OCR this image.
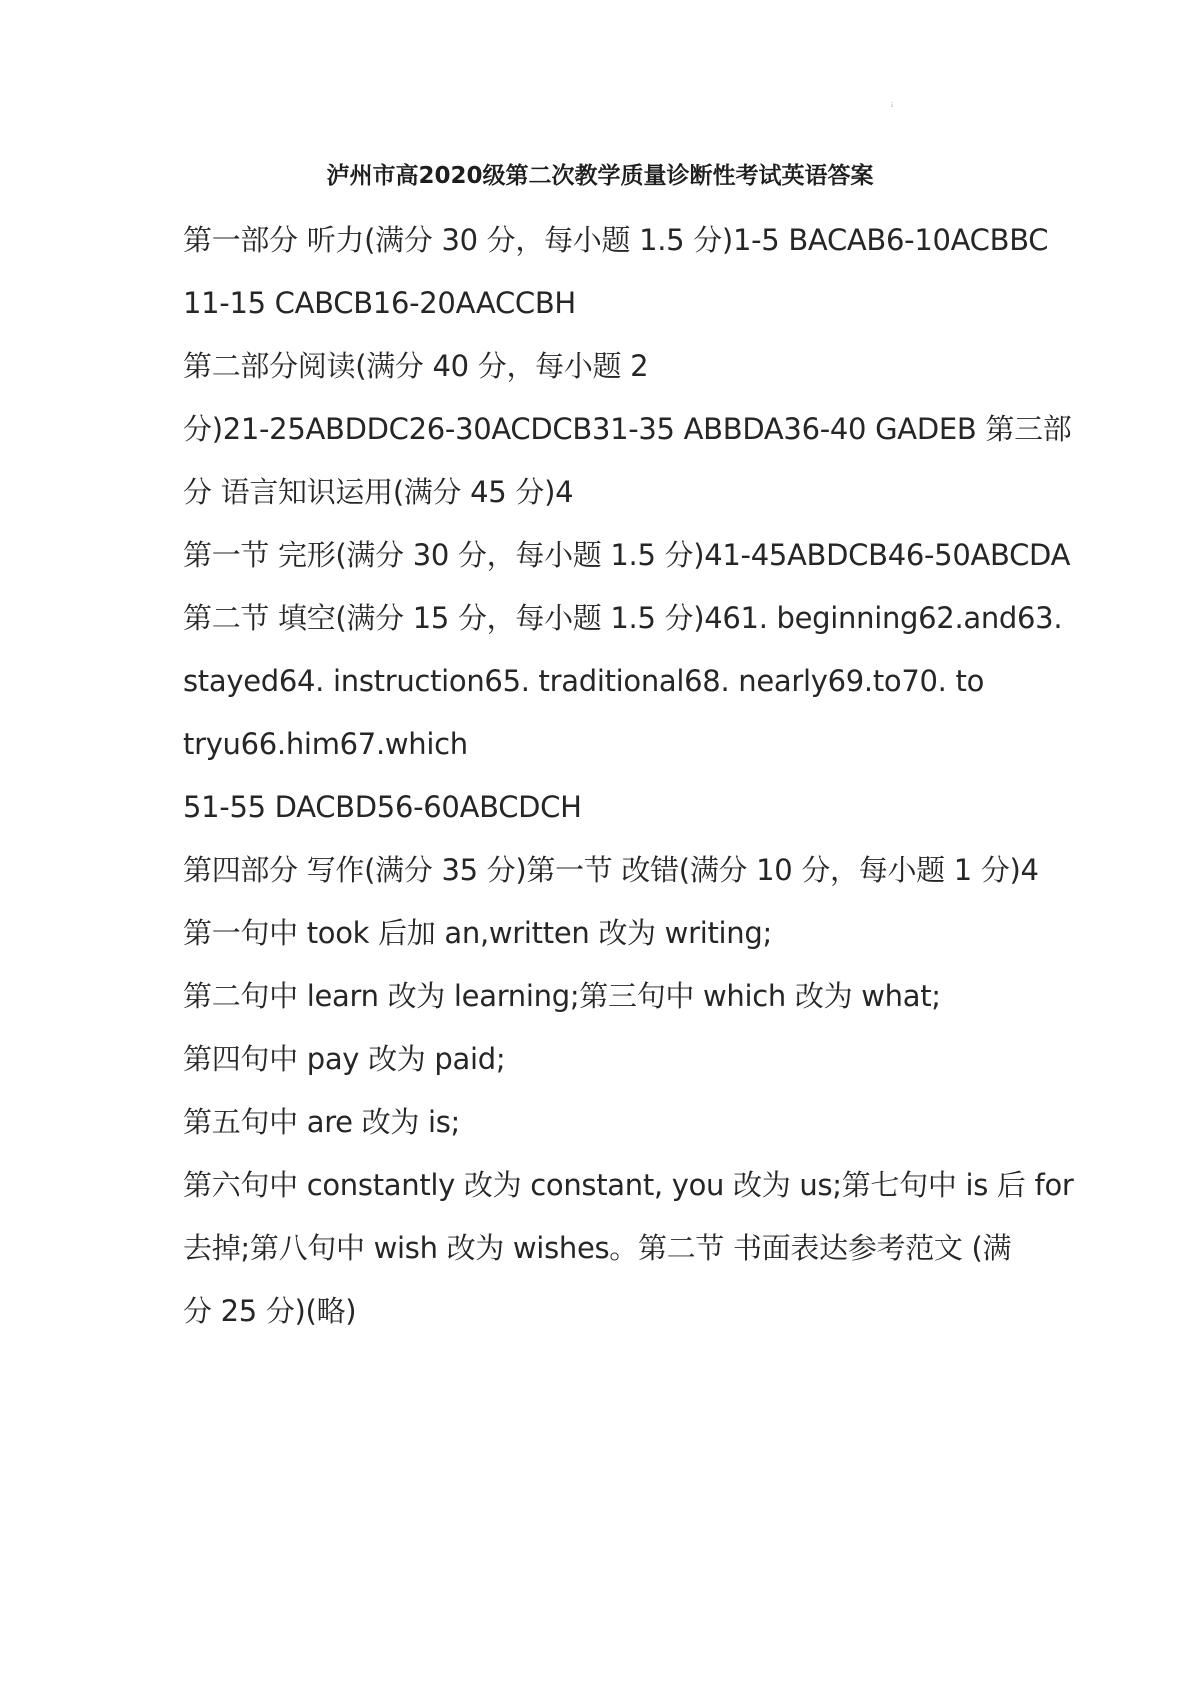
፧
泸州市高2020级第二次教学质量诊断性考试英语答案
第一部分 听力(满分 30 分，每小题 1.5 分)1-5 BACAB6-10ACBBC
11-15 CABCB16-20AACCBH
第二部分阅读(满分 40 分，每小题 2
分)21-25ABDDC26-30ACDCB31-35 ABBDA36-40 GADEB 第三部
分 语言知识运用(满分 45 分)4
第一节 完形(满分 30 分，每小题 1.5 分)41-45ABDCB46-50ABCDA
第二节 填空(满分 15 分，每小题 1.5 分)461. beginning62.and63.
stayed64. instruction65. traditional68. nearly69.to70. to
tryu66.him67.which
51-55 DACBD56-60ABCDCH
第四部分 写作(满分 35 分)第一节 改错(满分 10 分，每小题 1 分)4
第一句中 took 后加 an,written 改为 writing;
第二句中 learn 改为 learning;第三句中 which 改为 what;
第四句中 pay 改为 paid;
第五句中 are 改为 is;
第六句中 constantly 改为 constant, you 改为 us;第七句中 is 后 for
去掉;第八句中 wish 改为 wishes。第二节 书面表达参考范文 (满
分 25 分)(略)
